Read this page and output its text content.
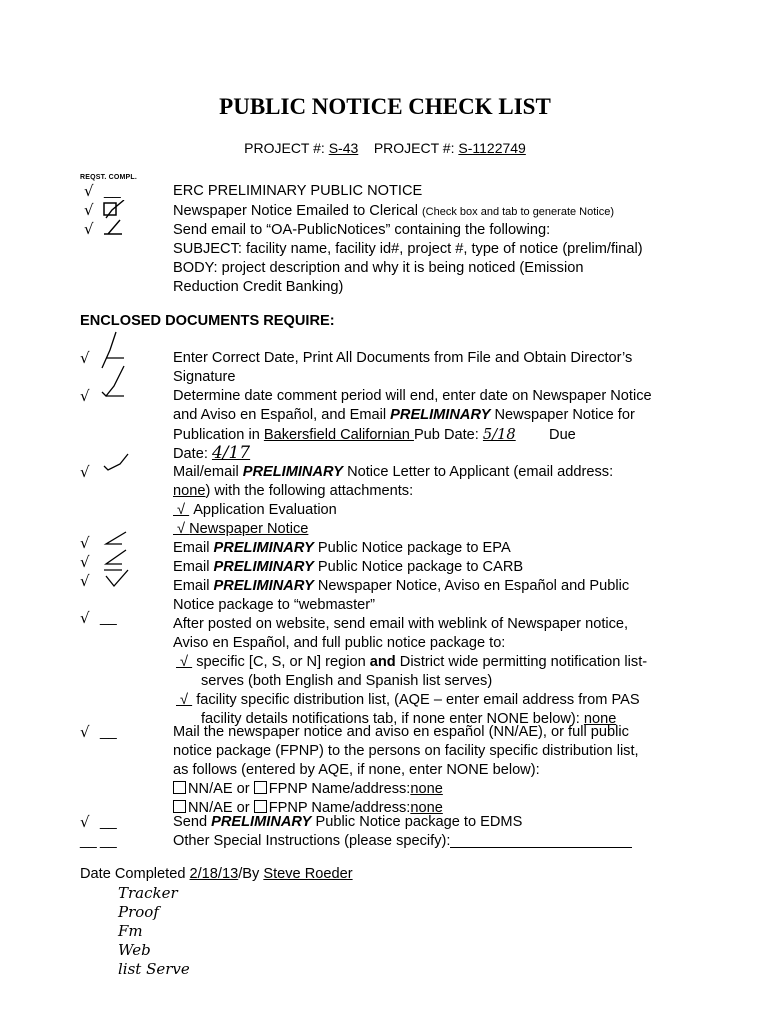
PUBLIC NOTICE CHECK LIST
PROJECT #: S-43 PROJECT #: S-1122749
REQST. COMPL.
√ __
√
√
ERC PRELIMINARY PUBLIC NOTICE
Newspaper Notice Emailed to Clerical (Check box and tab to generate Notice)
Send email to “OA-PublicNotices” containing the following:
SUBJECT: facility name, facility id#, project #, type of notice (prelim/final)
BODY: project description and why it is being noticed (Emission
Reduction Credit Banking)
ENCLOSED DOCUMENTS REQUIRE:
√
√
√
√
√
√
√ __
√ __
√ __
__ __
Enter Correct Date, Print All Documents from File and Obtain Director’s
Signature
Determine date comment period will end, enter date on Newspaper Notice
and Aviso en Español, and Email PRELIMINARY Newspaper Notice for
Publication in Bakersfield Californian Pub Date: 5/18 Due
Date: 4/17
Mail/email PRELIMINARY Notice Letter to Applicant (email address:
none) with the following attachments:
√  Application Evaluation
√ Newspaper Notice
Email PRELIMINARY Public Notice package to EPA
Email PRELIMINARY Public Notice package to CARB
Email PRELIMINARY Newspaper Notice, Aviso en Español and Public
Notice package to “webmaster”
After posted on website, send email with weblink of Newspaper notice,
Aviso en Español, and full public notice package to:
√  specific [C, S, or N] region and District wide permitting notification list-
serves (both English and Spanish list serves)
√  facility specific distribution list, (AQE – enter email address from PAS
facility details notifications tab, if none enter NONE below): none
Mail the newspaper notice and aviso en español (NN/AE), or full public
notice package (FPNP) to the persons on facility specific distribution list,
as follows (entered by AQE, if none, enter NONE below):
NN/AE or FPNP Name/address:none
NN/AE or FPNP Name/address:none
Send PRELIMINARY Public Notice package to EDMS
Other Special Instructions (please specify):
Date Completed 2/18/13/By Steve Roeder
Tracker
Proof
Fm
Web
list Serve
